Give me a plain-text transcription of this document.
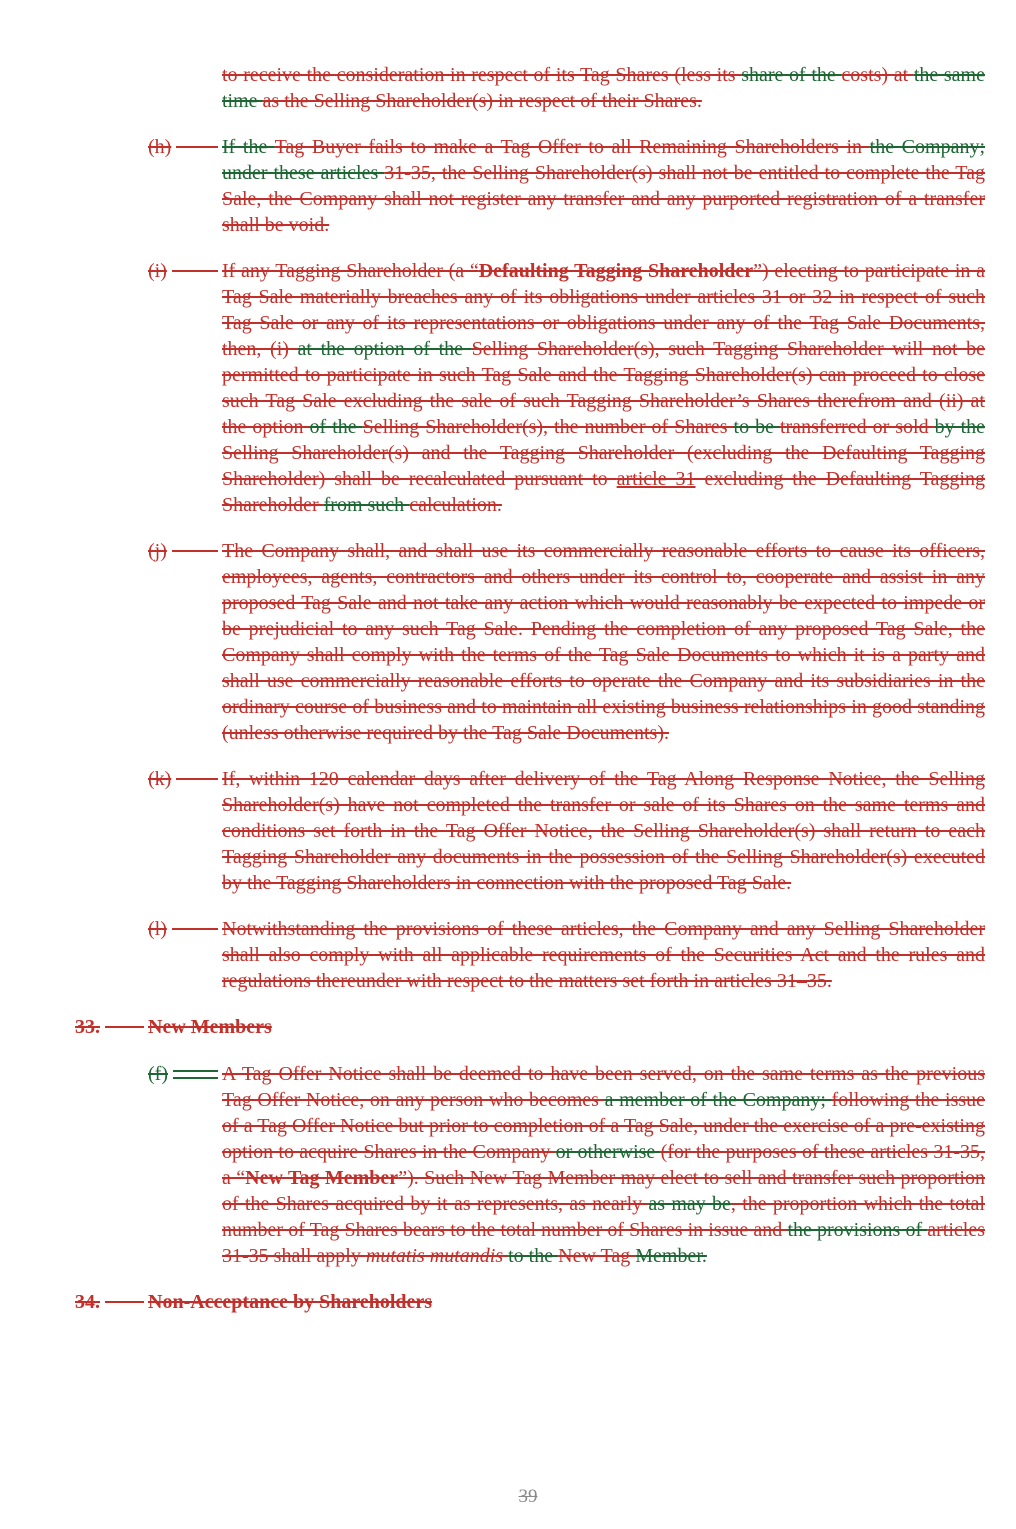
to receive the consideration in respect of its Tag Shares (less its share of the costs) at the same time as the Selling Shareholder(s) in respect of their Shares.
(h)	If the Tag Buyer fails to make a Tag Offer to all Remaining Shareholders in the Company; under these articles 31-35, the Selling Shareholder(s) shall not be entitled to complete the Tag Sale, the Company shall not register any transfer and any purported registration of a transfer shall be void.
(i)	If any Tagging Shareholder (a “Defaulting Tagging Shareholder”) electing to participate in a Tag Sale materially breaches any of its obligations under articles 31 or 32 in respect of such Tag Sale or any of its representations or obligations under any of the Tag Sale Documents, then, (i) at the option of the Selling Shareholder(s), such Tagging Shareholder will not be permitted to participate in such Tag Sale and the Tagging Shareholder(s) can proceed to close such Tag Sale excluding the sale of such Tagging Shareholder’s Shares therefrom and (ii) at the option of the Selling Shareholder(s), the number of Shares to be transferred or sold by the Selling Shareholder(s) and the Tagging Shareholder (excluding the Defaulting Tagging Shareholder) shall be recalculated pursuant to article 31 excluding the Defaulting Tagging Shareholder from such calculation.
(j)	The Company shall, and shall use its commercially reasonable efforts to cause its officers, employees, agents, contractors and others under its control to, cooperate and assist in any proposed Tag Sale and not take any action which would reasonably be expected to impede or be prejudicial to any such Tag Sale. Pending the completion of any proposed Tag Sale, the Company shall comply with the terms of the Tag Sale Documents to which it is a party and shall use commercially reasonable efforts to operate the Company and its subsidiaries in the ordinary course of business and to maintain all existing business relationships in good standing (unless otherwise required by the Tag Sale Documents).
(k)	If, within 120 calendar days after delivery of the Tag Along Response Notice, the Selling Shareholder(s) have not completed the transfer or sale of its Shares on the same terms and conditions set forth in the Tag Offer Notice, the Selling Shareholder(s) shall return to each Tagging Shareholder any documents in the possession of the Selling Shareholder(s) executed by the Tagging Shareholders in connection with the proposed Tag Sale.
(l)	Notwithstanding the provisions of these articles, the Company and any Selling Shareholder shall also comply with all applicable requirements of the Securities Act and the rules and regulations thereunder with respect to the matters set forth in articles 31–35.
33. New Members
(f)	A Tag Offer Notice shall be deemed to have been served, on the same terms as the previous Tag Offer Notice, on any person who becomes a member of the Company; following the issue of a Tag Offer Notice but prior to completion of a Tag Sale, under the exercise of a pre-existing option to acquire Shares in the Company or otherwise (for the purposes of these articles 31-35, a “New Tag Member”). Such New Tag Member may elect to sell and transfer such proportion of the Shares acquired by it as represents, as nearly as may be, the proportion which the total number of Tag Shares bears to the total number of Shares in issue and the provisions of articles 31-35 shall apply mutatis mutandis to the New Tag Member.
34. Non-Acceptance by Shareholders
39
